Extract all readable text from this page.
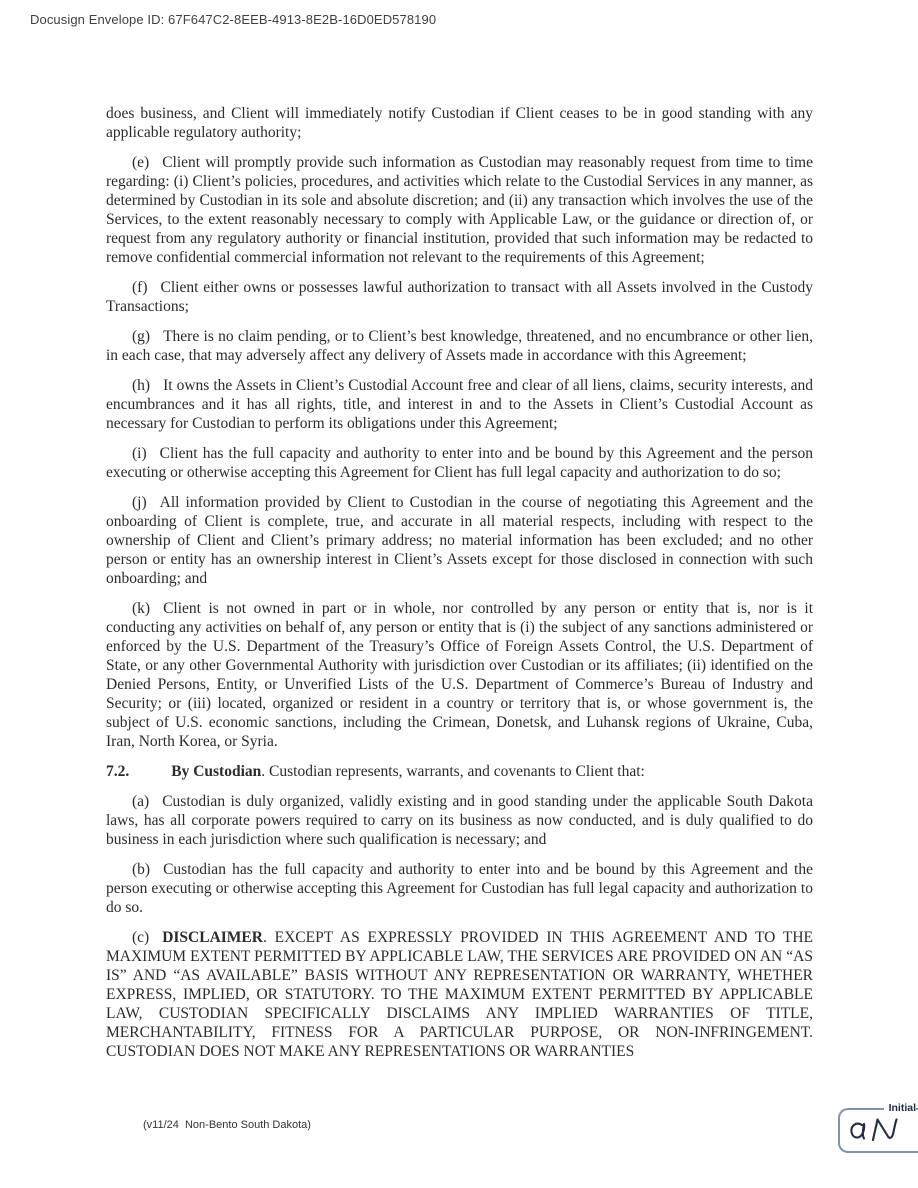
Docusign Envelope ID: 67F647C2-8EEB-4913-8E2B-16D0ED578190

does business, and Client will immediately notify Custodian if Client ceases to be in good standing with any applicable regulatory authority;

(e) Client will promptly provide such information as Custodian may reasonably request from time to time regarding: (i) Client’s policies, procedures, and activities which relate to the Custodial Services in any manner, as determined by Custodian in its sole and absolute discretion; and (ii) any transaction which involves the use of the Services, to the extent reasonably necessary to comply with Applicable Law, or the guidance or direction of, or request from any regulatory authority or financial institution, provided that such information may be redacted to remove confidential commercial information not relevant to the requirements of this Agreement;

(f) Client either owns or possesses lawful authorization to transact with all Assets involved in the Custody Transactions;

(g) There is no claim pending, or to Client’s best knowledge, threatened, and no encumbrance or other lien, in each case, that may adversely affect any delivery of Assets made in accordance with this Agreement;

(h) It owns the Assets in Client’s Custodial Account free and clear of all liens, claims, security interests, and encumbrances and it has all rights, title, and interest in and to the Assets in Client’s Custodial Account as necessary for Custodian to perform its obligations under this Agreement;

(i) Client has the full capacity and authority to enter into and be bound by this Agreement and the person executing or otherwise accepting this Agreement for Client has full legal capacity and authorization to do so;

(j) All information provided by Client to Custodian in the course of negotiating this Agreement and the onboarding of Client is complete, true, and accurate in all material respects, including with respect to the ownership of Client and Client’s primary address; no material information has been excluded; and no other person or entity has an ownership interest in Client’s Assets except for those disclosed in connection with such onboarding; and

(k) Client is not owned in part or in whole, nor controlled by any person or entity that is, nor is it conducting any activities on behalf of, any person or entity that is (i) the subject of any sanctions administered or enforced by the U.S. Department of the Treasury’s Office of Foreign Assets Control, the U.S. Department of State, or any other Governmental Authority with jurisdiction over Custodian or its affiliates; (ii) identified on the Denied Persons, Entity, or Unverified Lists of the U.S. Department of Commerce’s Bureau of Industry and Security; or (iii) located, organized or resident in a country or territory that is, or whose government is, the subject of U.S. economic sanctions, including the Crimean, Donetsk, and Luhansk regions of Ukraine, Cuba, Iran, North Korea, or Syria.

7.2.	By Custodian. Custodian represents, warrants, and covenants to Client that:

(a) Custodian is duly organized, validly existing and in good standing under the applicable South Dakota laws, has all corporate powers required to carry on its business as now conducted, and is duly qualified to do business in each jurisdiction where such qualification is necessary; and

(b) Custodian has the full capacity and authority to enter into and be bound by this Agreement and the person executing or otherwise accepting this Agreement for Custodian has full legal capacity and authorization to do so.

(c) DISCLAIMER. EXCEPT AS EXPRESSLY PROVIDED IN THIS AGREEMENT AND TO THE MAXIMUM EXTENT PERMITTED BY APPLICABLE LAW, THE SERVICES ARE PROVIDED ON AN “AS IS” AND “AS AVAILABLE” BASIS WITHOUT ANY REPRESENTATION OR WARRANTY, WHETHER EXPRESS, IMPLIED, OR STATUTORY. TO THE MAXIMUM EXTENT PERMITTED BY APPLICABLE LAW, CUSTODIAN SPECIFICALLY DISCLAIMS ANY IMPLIED WARRANTIES OF TITLE, MERCHANTABILITY, FITNESS FOR A PARTICULAR PURPOSE, OR NON-INFRINGEMENT. CUSTODIAN DOES NOT MAKE ANY REPRESENTATIONS OR WARRANTIES

(v11/24  Non-Bento South Dakota)
Initial
